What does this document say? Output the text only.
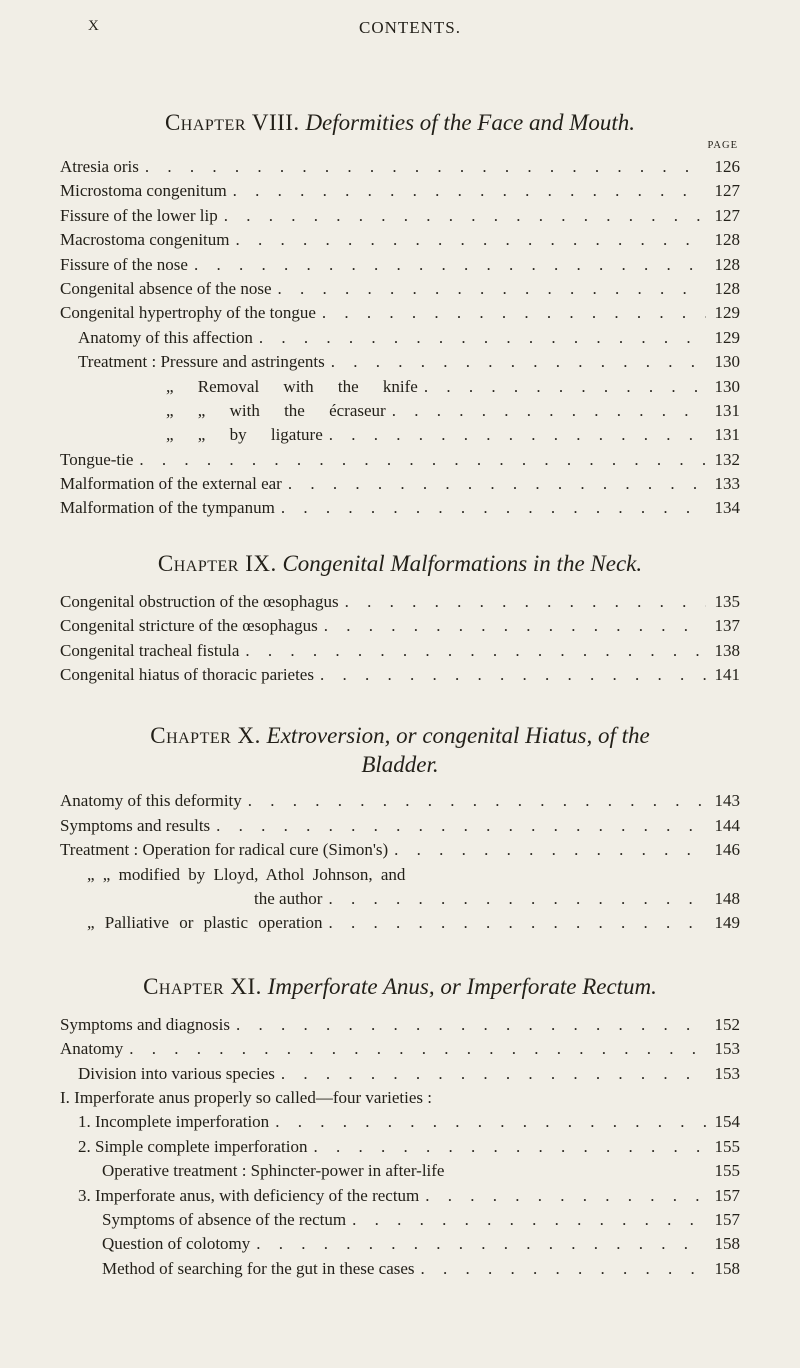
X	CONTENTS.
Chapter VIII. Deformities of the Face and Mouth.
PAGE
Atresia oris . . .	126
Microstoma congenitum . . .	127
Fissure of the lower lip . . .	127
Macrostoma congenitum . . .	128
Fissure of the nose . . .	128
Congenital absence of the nose . . .	128
Congenital hypertrophy of the tongue . . .	129
Anatomy of this affection . . .	129
Treatment : Pressure and astringents . . .	130
„ Removal with the knife . . .	130
„ „ with the écraseur . . .	131
„ „ by ligature . . .	131
Tongue-tie . . .	132
Malformation of the external ear . . .	133
Malformation of the tympanum . . .	134
Chapter IX. Congenital Malformations in the Neck.
Congenital obstruction of the œsophagus . . .	135
Congenital stricture of the œsophagus . . .	137
Congenital tracheal fistula . . .	138
Congenital hiatus of thoracic parietes . . .	141
Chapter X. Extroversion, or congenital Hiatus, of the
Bladder.
Anatomy of this deformity . . .	143
Symptoms and results . . .	144
Treatment : Operation for radical cure (Simon's) . . .	146
„ „ modified by Lloyd, Athol Johnson, and
the author . . .	148
„ Palliative or plastic operation . . .	149
Chapter XI. Imperforate Anus, or Imperforate Rectum.
Symptoms and diagnosis . . .	152
Anatomy . . .	153
Division into various species . . .	153
I. Imperforate anus properly so called—four varieties :
1. Incomplete imperforation . . .	154
2. Simple complete imperforation . . .	155
Operative treatment : Sphincter-power in after-life	155
3. Imperforate anus, with deficiency of the rectum . . .	157
Symptoms of absence of the rectum . . .	157
Question of colotomy . . .	158
Method of searching for the gut in these cases . . .	158
